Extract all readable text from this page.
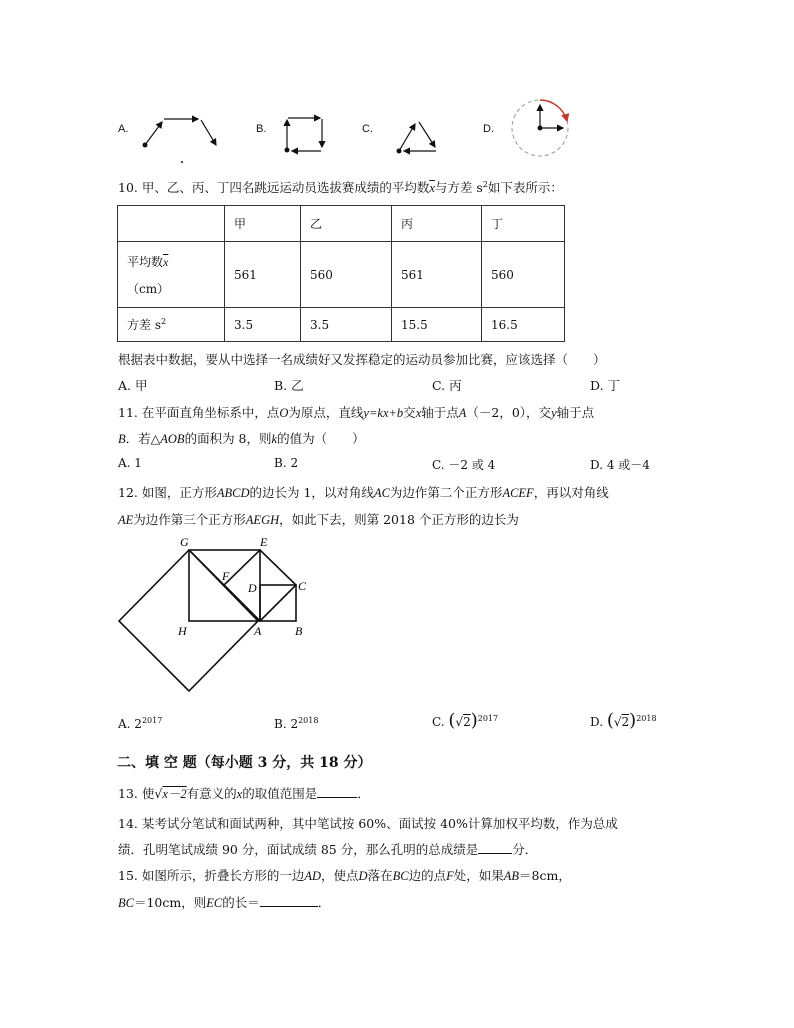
A.	B.	C.	D.
10. 甲、乙、丙、丁四名跳远运动员选拔赛成绩的平均数$\overline{x}$与方差 $s^2$如下表所示：
	甲	乙	丙	丁

平均数$\overline{x}$
（cm）	561	560	561	560
方差 $s^2$	3.5	3.5	15.5	16.5
根据表中数据，要从中选择一名成绩好又发挥稳定的运动员参加比赛，应该选择（　　）
A. 甲	B. 乙	C. 丙	D. 丁
11. 在平面直角坐标系中，点O为原点，直线y=kx+b交x轴于点A（－2，0），交y轴于点
B．若△AOB的面积为 8，则k的值为（　　）
A. 1	B. 2	C. －2 或 4	D. 4 或－4
12. 如图，正方形ABCD的边长为 1，以对角线AC为边作第二个正方形ACEF，再以对角线
AE为边作第三个正方形AEGH，如此下去，则第 2018 个正方形的边长为
G	E
F
D	C
H	A	B
A. $2^{2017}$	B. $2^{2018}$	C. $(√2)^{2017}$	D. $(√2)^{2018}$
二、填 空 题（每小题 3 分，共 18 分）
13. 使√x－2有意义的x的取值范围是	．
14. 某考试分笔试和面试两种，其中笔试按 60%、面试按 40%计算加权平均数，作为总成
绩．孔明笔试成绩 90 分，面试成绩 85 分，那么孔明的总成绩是	分．
15. 如图所示，折叠长方形的一边AD，使点D落在BC边的点F处，如果AB＝8cm，
BC＝10cm，则EC的长＝	．
